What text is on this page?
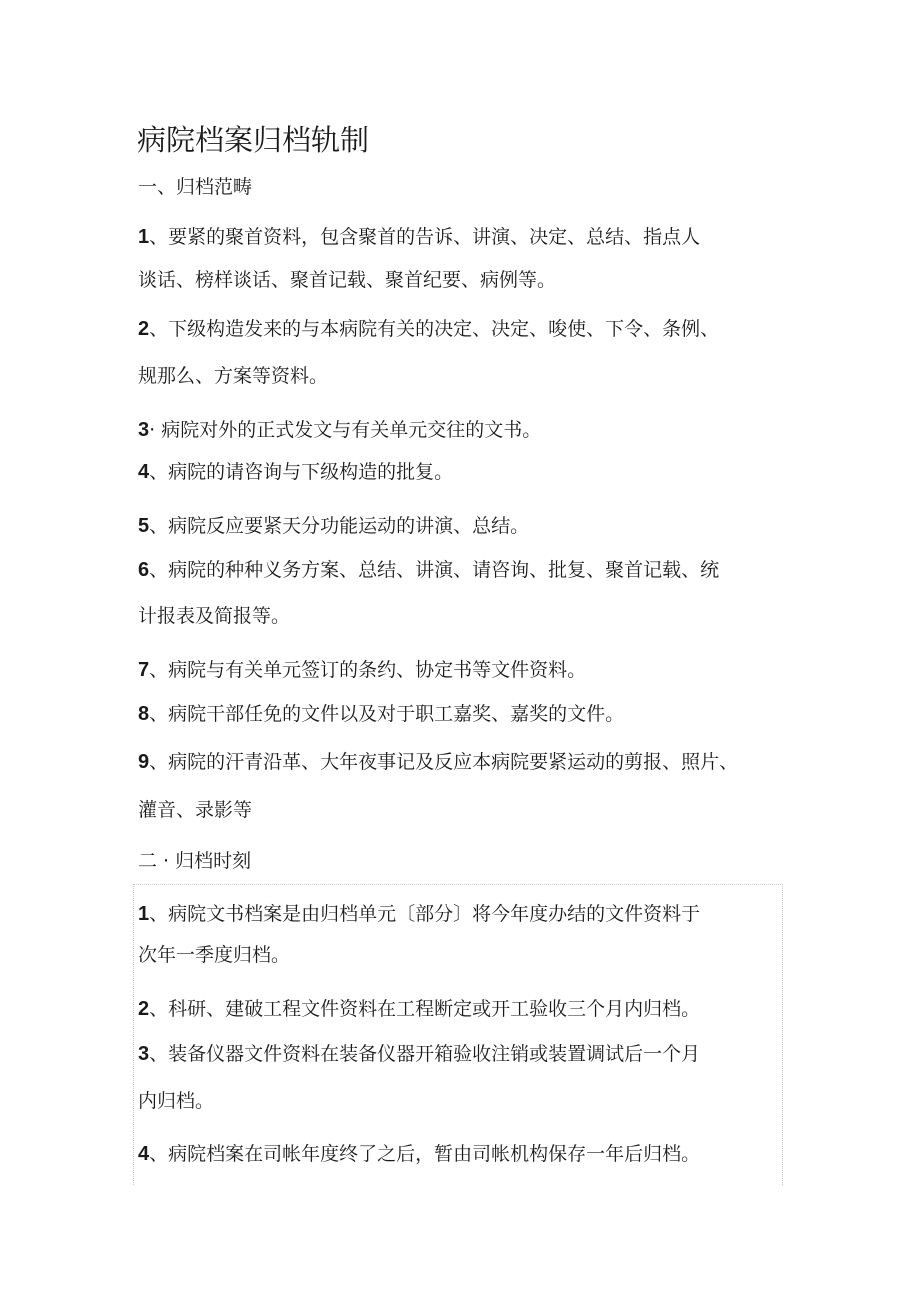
病院档案归档轨制
一、归档范畴
1、要紧的聚首资料，包含聚首的告诉、讲演、决定、总结、指点人
谈话、榜样谈话、聚首记载、聚首纪要、病例等。
2、下级构造发来的与本病院有关的决定、决定、唆使、下令、条例、
规那么、方案等资料。
3· 病院对外的正式发文与有关单元交往的文书。
4、病院的请咨询与下级构造的批复。
5、病院反应要紧天分功能运动的讲演、总结。
6、病院的种种义务方案、总结、讲演、请咨询、批复、聚首记载、统
计报表及简报等。
7、病院与有关单元签订的条约、协定书等文件资料。
8、病院干部任免的文件以及对于职工嘉奖、嘉奖的文件。
9、病院的汗青沿革、大年夜事记及反应本病院要紧运动的剪报、照片、
灌音、录影等
二 · 归档时刻
1、病院文书档案是由归档单元〔部分〕将今年度办结的文件资料于
次年一季度归档。
2、科研、建破工程文件资料在工程断定或开工验收三个月内归档。
3、装备仪器文件资料在装备仪器开箱验收注销或装置调试后一个月
内归档。
4、病院档案在司帐年度终了之后，暂由司帐机构保存一年后归档。
